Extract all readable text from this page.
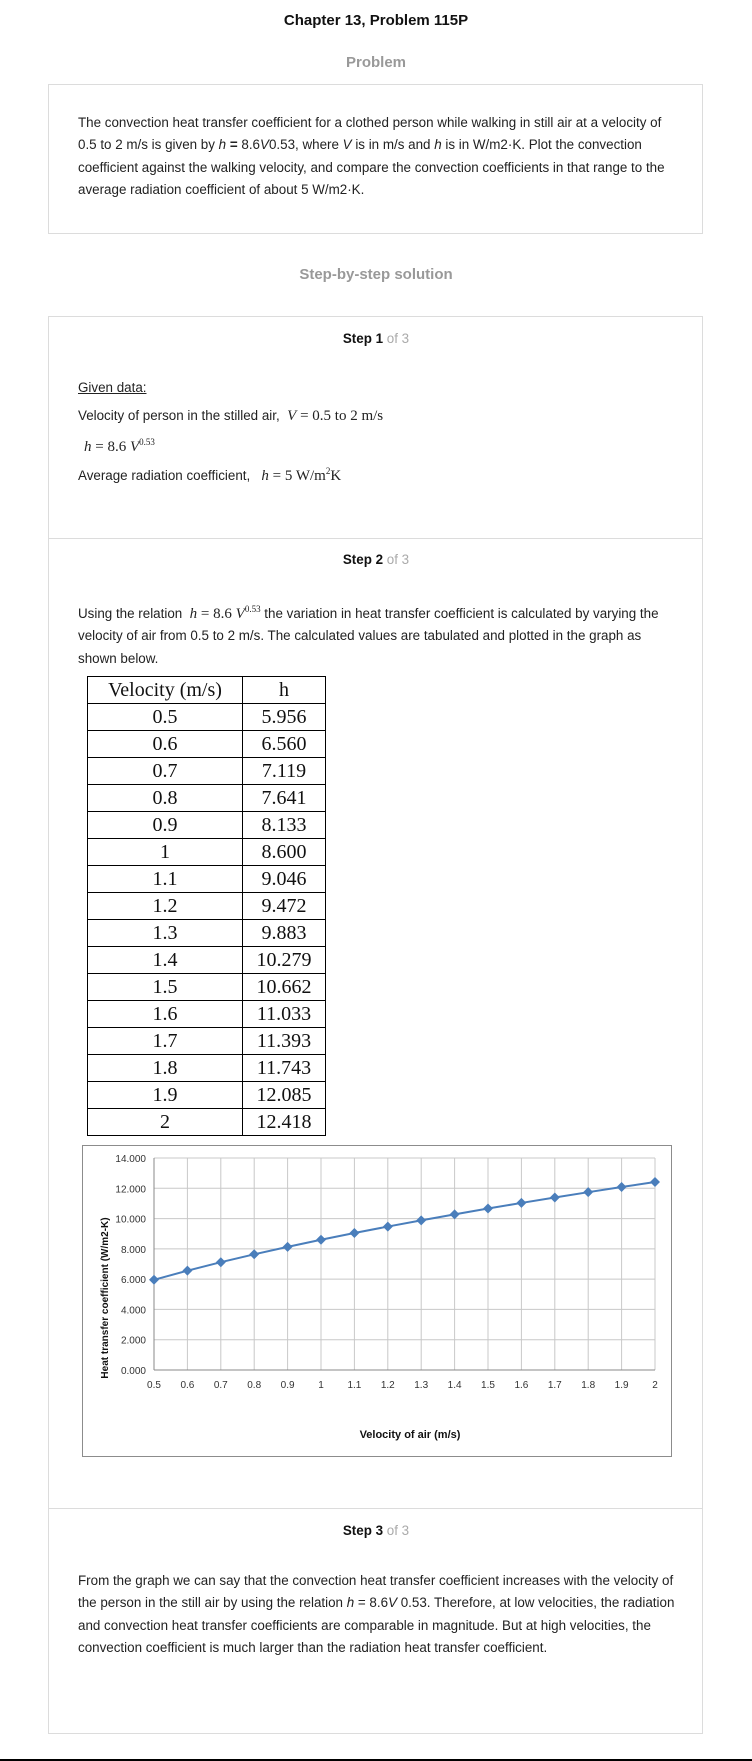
Chapter 13, Problem 115P
Problem
The convection heat transfer coefficient for a clothed person while walking in still air at a velocity of 0.5 to 2 m/s is given by h = 8.6V0.53, where V is in m/s and h is in W/m2·K. Plot the convection coefficient against the walking velocity, and compare the convection coefficients in that range to the average radiation coefficient of about 5 W/m2·K.
Step-by-step solution
Step 1 of 3
Given data:
Velocity of person in the stilled air, V = 0.5 to 2 m/s
h = 8.6 $V^{0.53}$
Average radiation coefficient, h = 5 $W/m^2K$
Step 2 of 3
Using the relation  h = 8.6 $V^{0.53}$ the variation in heat transfer coefficient is calculated by varying the velocity of air from 0.5 to 2 m/s. The calculated values are tabulated and plotted in the graph as shown below.
Velocity (m/s)	h
0.5	5.956
0.6	6.560
0.7	7.119
0.8	7.641
0.9	8.133
1	8.600
1.1	9.046
1.2	9.472
1.3	9.883
1.4	10.279
1.5	10.662
1.6	11.033
1.7	11.393
1.8	11.743
1.9	12.085
2	12.418
Heat transfer coefficient (W/m2-K)
Velocity of air (m/s)
0.000
2.000
4.000
6.000
8.000
10.000
12.000
14.000
0.5 0.6 0.7 0.8 0.9 1 1.1 1.2 1.3 1.4 1.5 1.6 1.7 1.8 1.9 2
Step 3 of 3
From the graph we can say that the convection heat transfer coefficient increases with the velocity of the person in the still air by using the relation h = 8.6V 0.53. Therefore, at low velocities, the radiation and convection heat transfer coefficients are comparable in magnitude. But at high velocities, the convection coefficient is much larger than the radiation heat transfer coefficient.
